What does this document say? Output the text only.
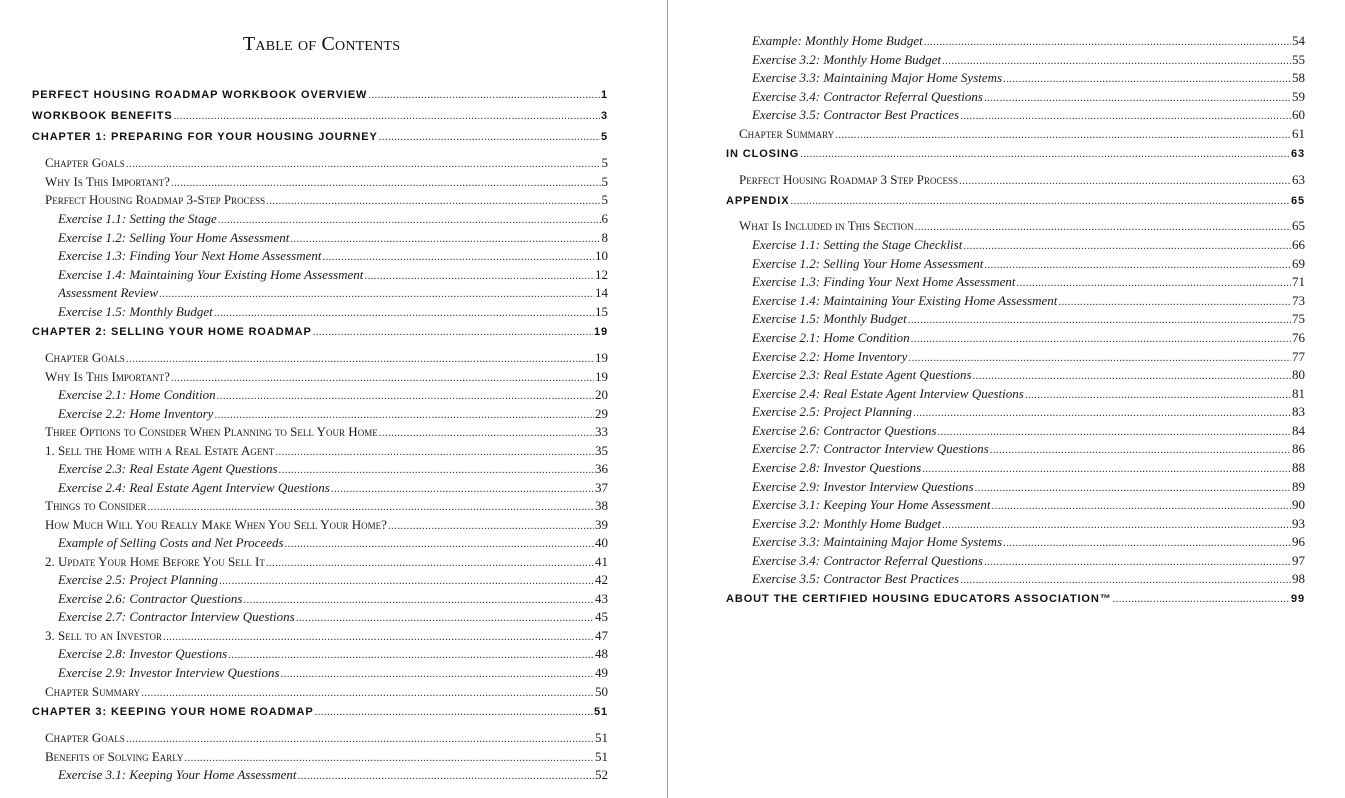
Table of Contents
PERFECT HOUSING ROADMAP WORKBOOK OVERVIEW . . .	1
WORKBOOK BENEFITS . . .	3
CHAPTER 1: PREPARING FOR YOUR HOUSING JOURNEY . . .	5
Chapter Goals . . .	5
Why Is This Important? . . .	5
Perfect Housing Roadmap 3-Step Process . . .	5
Exercise 1.1: Setting the Stage . . .	6
Exercise 1.2: Selling Your Home Assessment . . .	8
Exercise 1.3: Finding Your Next Home Assessment . . .	10
Exercise 1.4: Maintaining Your Existing Home Assessment . . .	12
Assessment Review . . .	14
Exercise 1.5: Monthly Budget . . .	15
CHAPTER 2: SELLING YOUR HOME ROADMAP . . .	19
Chapter Goals . . .	19
Why Is This Important? . . .	19
Exercise 2.1: Home Condition . . .	20
Exercise 2.2: Home Inventory . . .	29
Three Options to Consider When Planning to Sell Your Home . . .	33
1. Sell the Home with a Real Estate Agent . . .	35
Exercise 2.3: Real Estate Agent Questions . . .	36
Exercise 2.4: Real Estate Agent Interview Questions . . .	37
Things to Consider . . .	38
How Much Will You Really Make When You Sell Your Home? . . .	39
Example of Selling Costs and Net Proceeds . . .	40
2. Update Your Home Before You Sell It . . .	41
Exercise 2.5: Project Planning . . .	42
Exercise 2.6: Contractor Questions . . .	43
Exercise 2.7: Contractor Interview Questions . . .	45
3. Sell to an Investor . . .	47
Exercise 2.8: Investor Questions . . .	48
Exercise 2.9: Investor Interview Questions . . .	49
Chapter Summary . . .	50
CHAPTER 3: KEEPING YOUR HOME ROADMAP . . .	51
Chapter Goals . . .	51
Benefits of Solving Early . . .	51
Exercise 3.1: Keeping Your Home Assessment . . .	52
Example: Monthly Home Budget . . .	54
Exercise 3.2: Monthly Home Budget . . .	55
Exercise 3.3: Maintaining Major Home Systems . . .	58
Exercise 3.4: Contractor Referral Questions . . .	59
Exercise 3.5: Contractor Best Practices . . .	60
Chapter Summary . . .	61
IN CLOSING . . .	63
Perfect Housing Roadmap 3 Step Process . . .	63
APPENDIX . . .	65
What Is Included in This Section . . .	65
Exercise 1.1: Setting the Stage Checklist . . .	66
Exercise 1.2: Selling Your Home Assessment . . .	69
Exercise 1.3: Finding Your Next Home Assessment . . .	71
Exercise 1.4: Maintaining Your Existing Home Assessment . . .	73
Exercise 1.5: Monthly Budget . . .	75
Exercise 2.1: Home Condition . . .	76
Exercise 2.2: Home Inventory . . .	77
Exercise 2.3: Real Estate Agent Questions . . .	80
Exercise 2.4: Real Estate Agent Interview Questions . . .	81
Exercise 2.5: Project Planning . . .	83
Exercise 2.6: Contractor Questions . . .	84
Exercise 2.7: Contractor Interview Questions . . .	86
Exercise 2.8: Investor Questions . . .	88
Exercise 2.9: Investor Interview Questions . . .	89
Exercise 3.1: Keeping Your Home Assessment . . .	90
Exercise 3.2: Monthly Home Budget . . .	93
Exercise 3.3: Maintaining Major Home Systems . . .	96
Exercise 3.4: Contractor Referral Questions . . .	97
Exercise 3.5: Contractor Best Practices . . .	98
ABOUT THE CERTIFIED HOUSING EDUCATORS ASSOCIATION™ . . .	99
